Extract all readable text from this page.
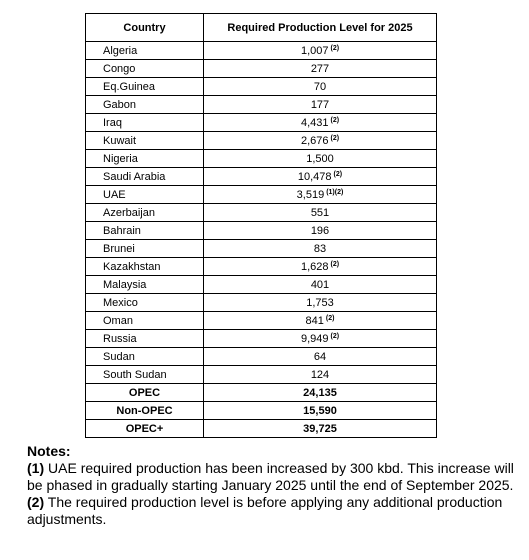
Country	Required Production Level for 2025
Algeria	1,007 $^{(2)}$
Congo	277
Eq.Guinea	70
Gabon	177
Iraq	4,431 $^{(2)}$
Kuwait	2,676 $^{(2)}$
Nigeria	1,500
Saudi Arabia	10,478 $^{(2)}$
UAE	3,519 $^{(1)(2)}$
Azerbaijan	551
Bahrain	196
Brunei	83
Kazakhstan	1,628 $^{(2)}$
Malaysia	401
Mexico	1,753
Oman	841 $^{(2)}$
Russia	9,949 $^{(2)}$
Sudan	64
South Sudan	124
OPEC	24,135
Non-OPEC	15,590
OPEC+	39,725
Notes:

(1) UAE required production has been increased by 300 kbd. This increase will be phased in gradually starting January 2025 until the end of September 2025.

(2) The required production level is before applying any additional production adjustments.
